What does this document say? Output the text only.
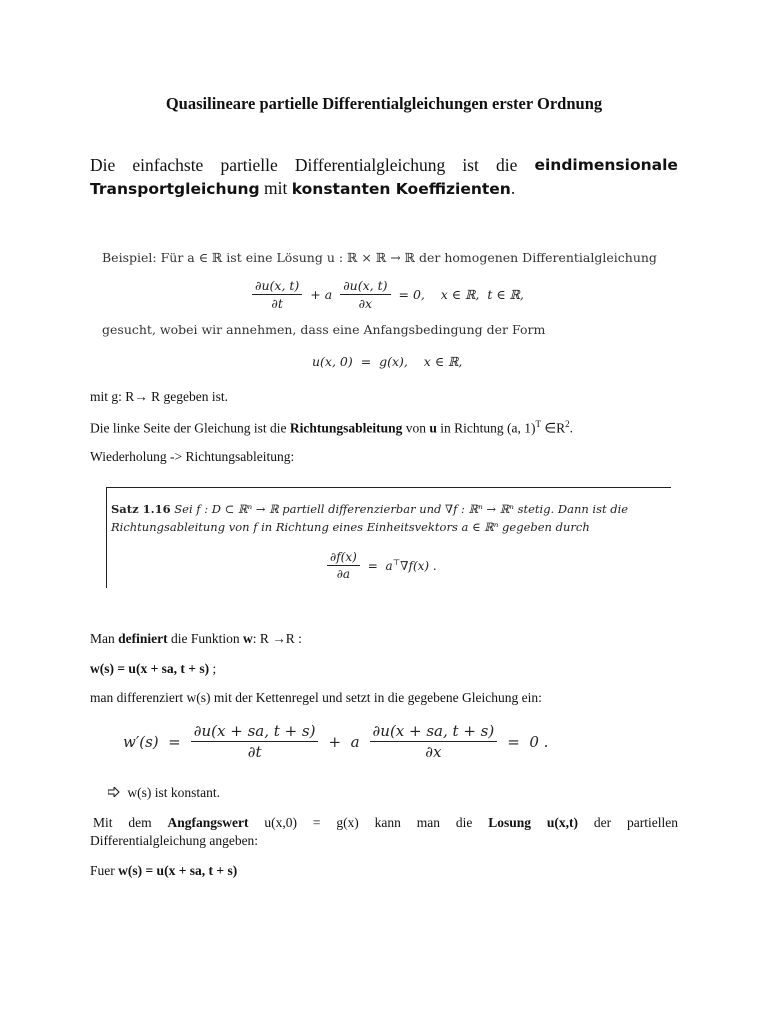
Quasilineare partielle Differentialgleichungen erster Ordnung
Die einfachste partielle Differentialgleichung ist die eindimensionale
Transportgleichung mit konstanten Koeffizienten.
Beispiel: Für a ∈ ℝ ist eine Lösung u : ℝ × ℝ → ℝ der homogenen Differentialgleichung
$\frac{\partial u(x, t)}{\partial t} + a \frac{\partial u(x, t)}{\partial x} = 0$,    x ∈ ℝ,  t ∈ ℝ,
gesucht, wobei wir annehmen, dass eine Anfangsbedingung der Form
u(x, 0)  =  g(x),    x ∈ ℝ,
mit g: R→ R gegeben ist.
Die linke Seite der Gleichung ist die Richtungsableitung von u in Richtung (a, 1)$^T$ $\in R^2$.
Wiederholung -> Richtungsableitung:
Satz 1.16 Sei f : D ⊂ ℝⁿ → ℝ partiell differenzierbar und ∇f : ℝⁿ → ℝⁿ stetig. Dann ist die
Richtungsableitung von f in Richtung eines Einheitsvektors a ∈ ℝⁿ gegeben durch
$\frac{\partial f(x)}{\partial a} = a^⊤\nabla f(x)$ .
Man definiert die Funktion w: R →R :
w(s) = u(x + sa, t + s) ;
man differenziert w(s) mit der Kettenregel und setzt in die gegebene Gleichung ein:
$w'(s) = \frac{\partial u(x + sa, t + s)}{\partial t} + a \frac{\partial u(x + sa, t + s)}{\partial x} = 0$ .
w(s) ist konstant.
Mit dem Angfangswert u(x,0) = g(x) kann man die Losung u(x,t) der partiellen
Differentialgleichung angeben:
Fuer w(s) = u(x + sa, t + s)
